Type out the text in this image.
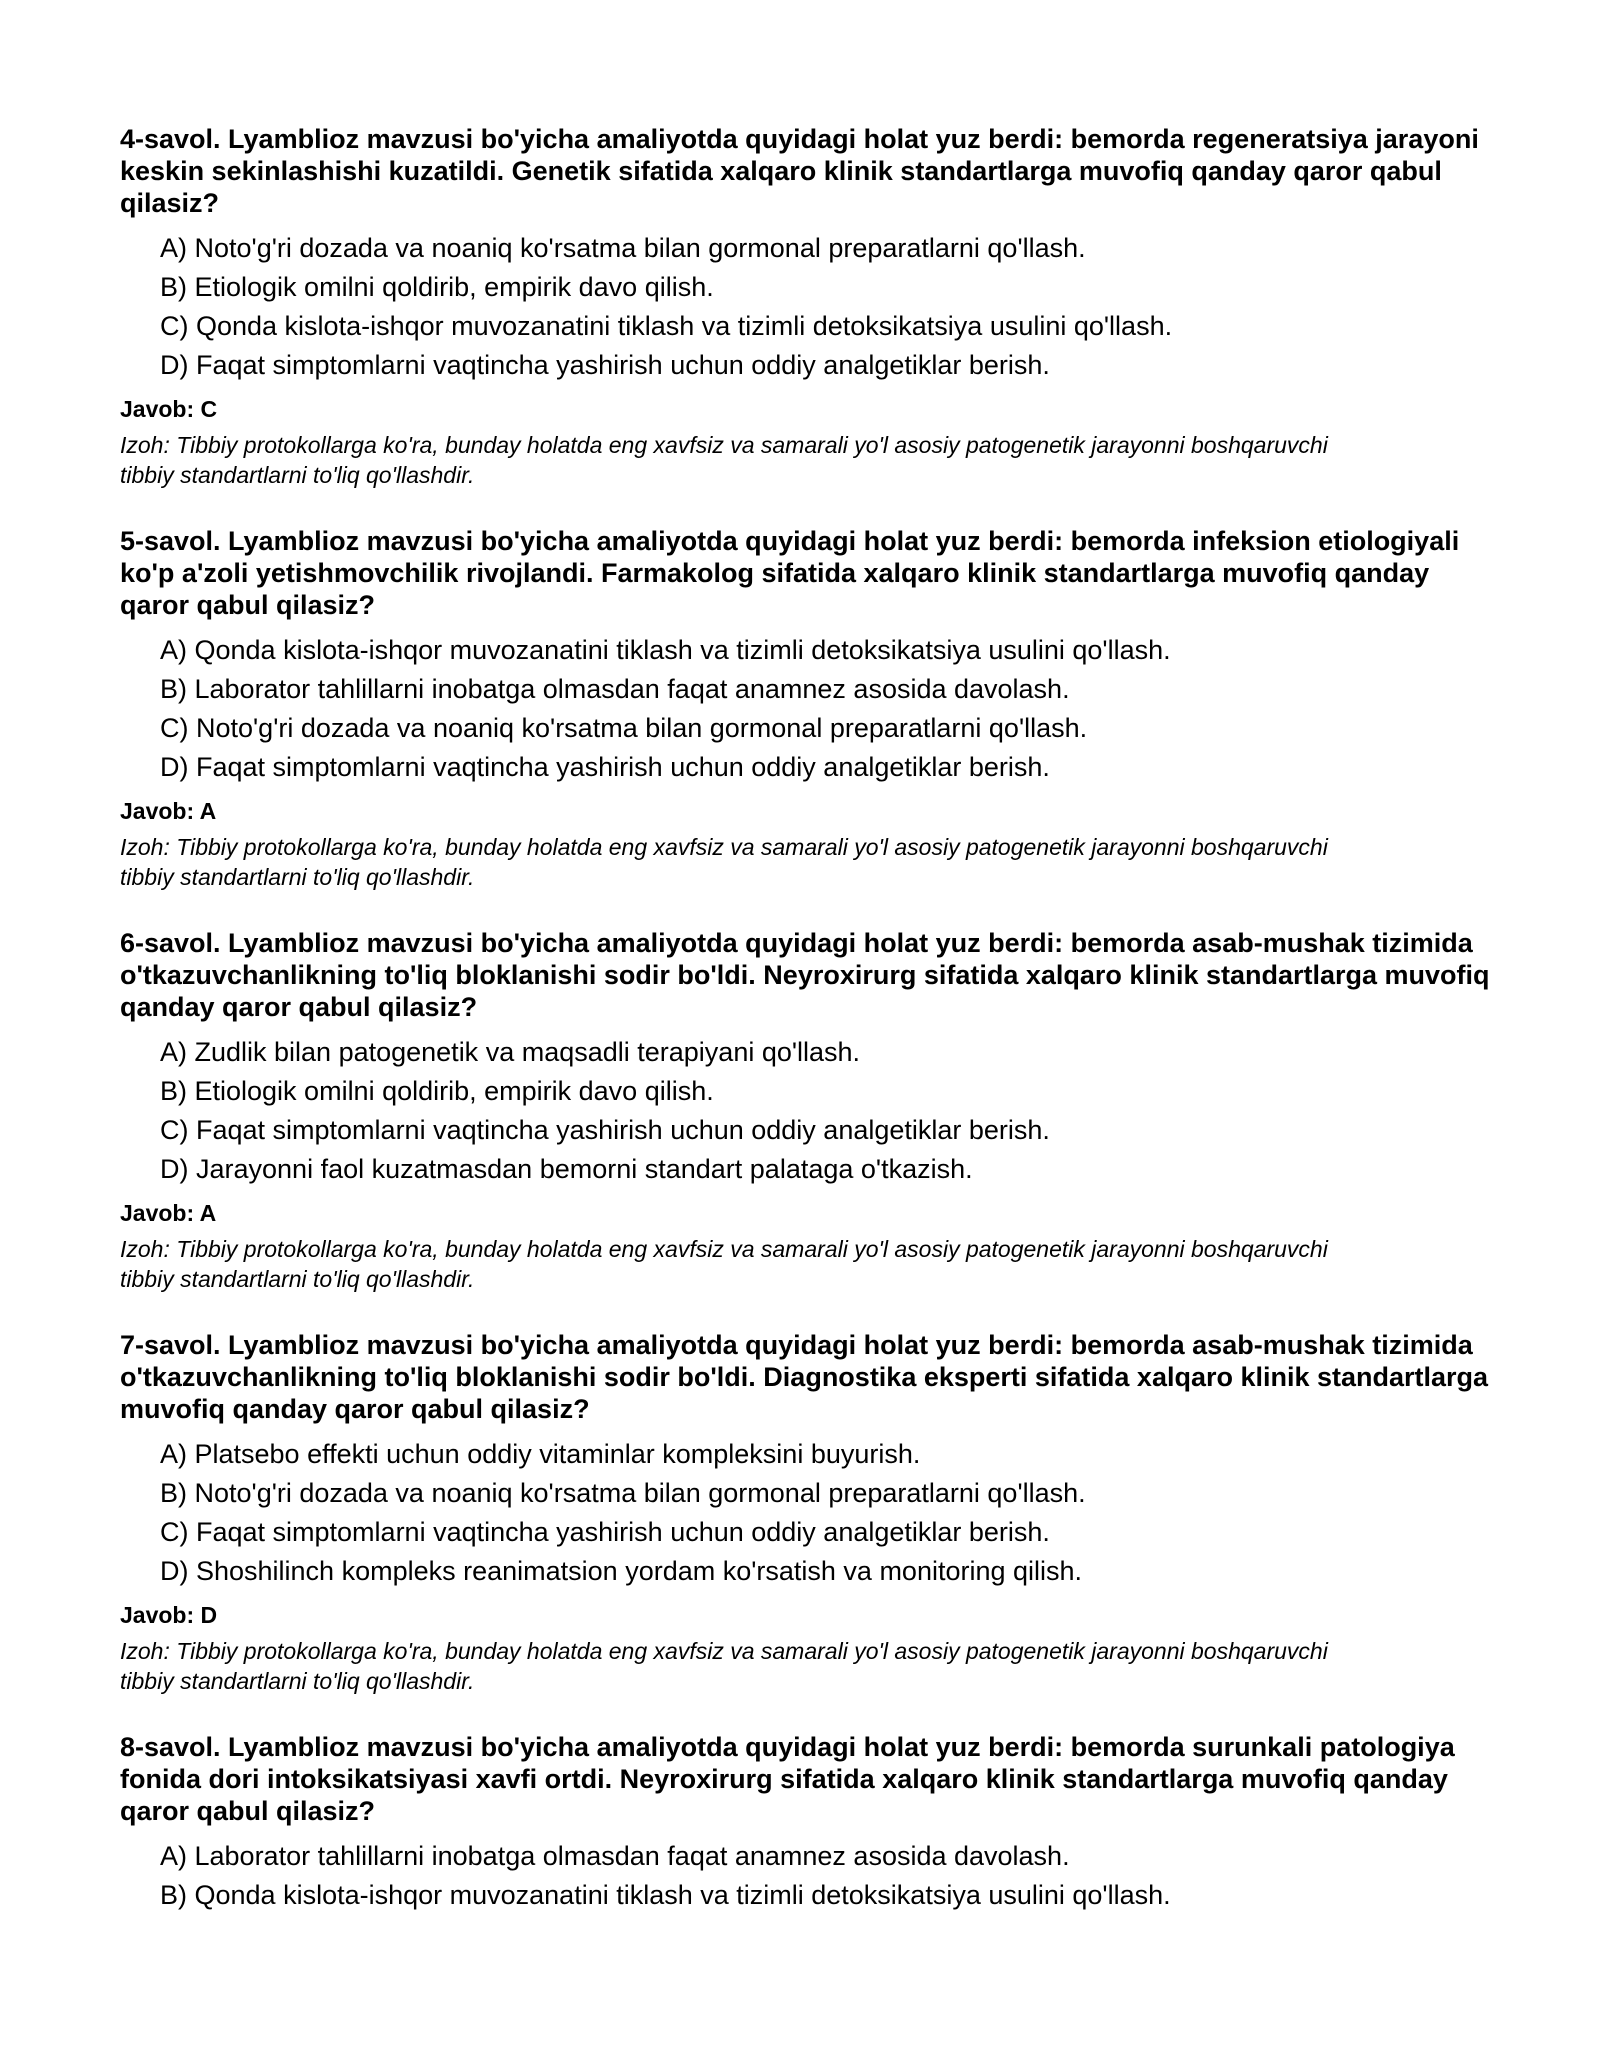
4-savol. Lyamblioz mavzusi bo'yicha amaliyotda quyidagi holat yuz berdi: bemorda regeneratsiya jarayoni keskin sekinlashishi kuzatildi. Genetik sifatida xalqaro klinik standartlarga muvofiq qanday qaror qabul qilasiz?

A) Noto'g'ri dozada va noaniq ko'rsatma bilan gormonal preparatlarni qo'llash.
B) Etiologik omilni qoldirib, empirik davo qilish.
C) Qonda kislota-ishqor muvozanatini tiklash va tizimli detoksikatsiya usulini qo'llash.
D) Faqat simptomlarni vaqtincha yashirish uchun oddiy analgetiklar berish.

Javob: C

Izoh: Tibbiy protokollarga ko'ra, bunday holatda eng xavfsiz va samarali yo'l asosiy patogenetik jarayonni boshqaruvchi tibbiy standartlarni to'liq qo'llashdir.

5-savol. Lyamblioz mavzusi bo'yicha amaliyotda quyidagi holat yuz berdi: bemorda infeksion etiologiyali ko'p a'zoli yetishmovchilik rivojlandi. Farmakolog sifatida xalqaro klinik standartlarga muvofiq qanday qaror qabul qilasiz?

A) Qonda kislota-ishqor muvozanatini tiklash va tizimli detoksikatsiya usulini qo'llash.
B) Laborator tahlillarni inobatga olmasdan faqat anamnez asosida davolash.
C) Noto'g'ri dozada va noaniq ko'rsatma bilan gormonal preparatlarni qo'llash.
D) Faqat simptomlarni vaqtincha yashirish uchun oddiy analgetiklar berish.

Javob: A

Izoh: Tibbiy protokollarga ko'ra, bunday holatda eng xavfsiz va samarali yo'l asosiy patogenetik jarayonni boshqaruvchi tibbiy standartlarni to'liq qo'llashdir.

6-savol. Lyamblioz mavzusi bo'yicha amaliyotda quyidagi holat yuz berdi: bemorda asab-mushak tizimida o'tkazuvchanlikning to'liq bloklanishi sodir bo'ldi. Neyroxirurg sifatida xalqaro klinik standartlarga muvofiq qanday qaror qabul qilasiz?

A) Zudlik bilan patogenetik va maqsadli terapiyani qo'llash.
B) Etiologik omilni qoldirib, empirik davo qilish.
C) Faqat simptomlarni vaqtincha yashirish uchun oddiy analgetiklar berish.
D) Jarayonni faol kuzatmasdan bemorni standart palataga o'tkazish.

Javob: A

Izoh: Tibbiy protokollarga ko'ra, bunday holatda eng xavfsiz va samarali yo'l asosiy patogenetik jarayonni boshqaruvchi tibbiy standartlarni to'liq qo'llashdir.

7-savol. Lyamblioz mavzusi bo'yicha amaliyotda quyidagi holat yuz berdi: bemorda asab-mushak tizimida o'tkazuvchanlikning to'liq bloklanishi sodir bo'ldi. Diagnostika eksperti sifatida xalqaro klinik standartlarga muvofiq qanday qaror qabul qilasiz?

A) Platsebo effekti uchun oddiy vitaminlar kompleksini buyurish.
B) Noto'g'ri dozada va noaniq ko'rsatma bilan gormonal preparatlarni qo'llash.
C) Faqat simptomlarni vaqtincha yashirish uchun oddiy analgetiklar berish.
D) Shoshilinch kompleks reanimatsion yordam ko'rsatish va monitoring qilish.

Javob: D

Izoh: Tibbiy protokollarga ko'ra, bunday holatda eng xavfsiz va samarali yo'l asosiy patogenetik jarayonni boshqaruvchi tibbiy standartlarni to'liq qo'llashdir.

8-savol. Lyamblioz mavzusi bo'yicha amaliyotda quyidagi holat yuz berdi: bemorda surunkali patologiya fonida dori intoksikatsiyasi xavfi ortdi. Neyroxirurg sifatida xalqaro klinik standartlarga muvofiq qanday qaror qabul qilasiz?

A) Laborator tahlillarni inobatga olmasdan faqat anamnez asosida davolash.
B) Qonda kislota-ishqor muvozanatini tiklash va tizimli detoksikatsiya usulini qo'llash.
